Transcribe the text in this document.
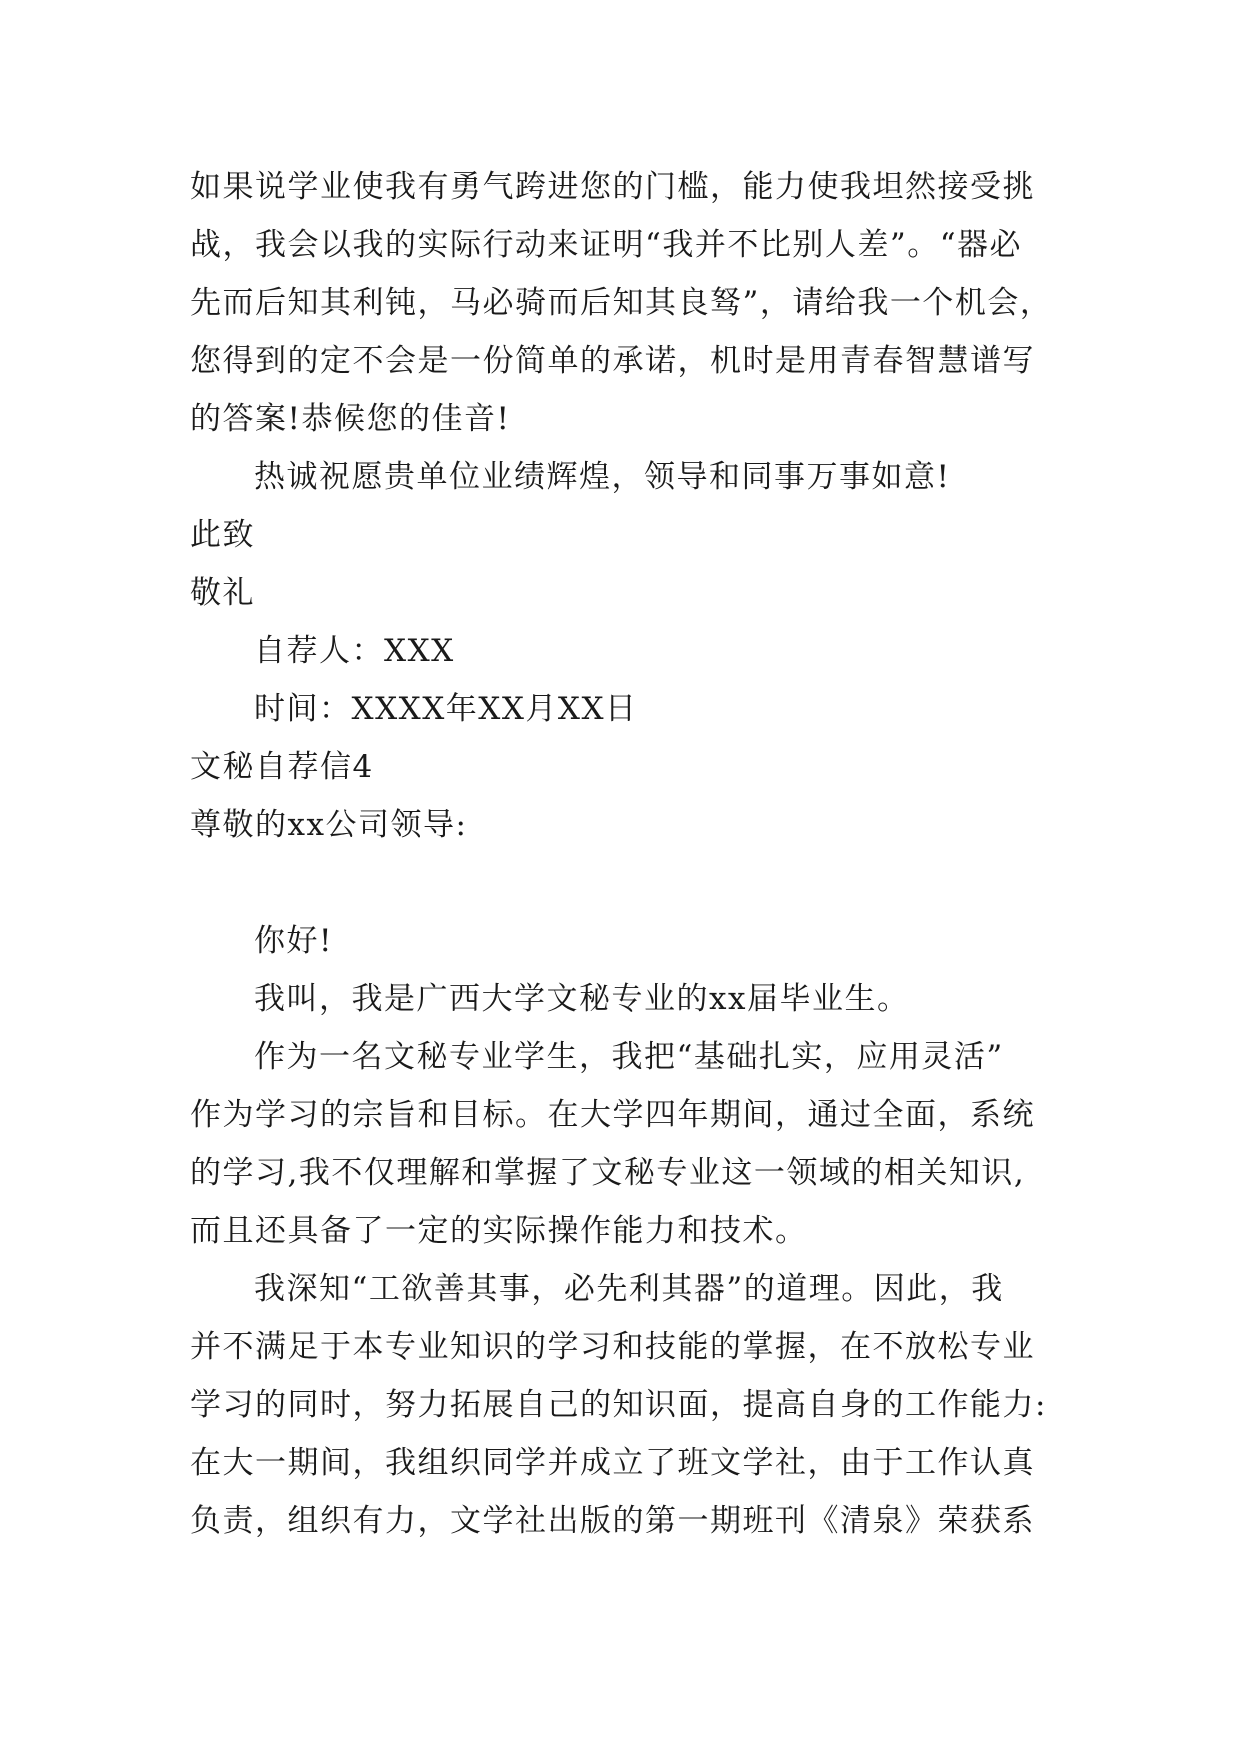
如果说学业使我有勇气跨进您的门槛，能力使我坦然接受挑
战，我会以我的实际行动来证明“我并不比别人差”。“器必
先而后知其利钝，马必骑而后知其良驽”，请给我一个机会，
您得到的定不会是一份简单的承诺，机时是用青春智慧谱写
的答案!恭候您的佳音!
热诚祝愿贵单位业绩辉煌，领导和同事万事如意!
此致
敬礼
自荐人：XXX
时间：XXXX年XX月XX日
文秘自荐信4
尊敬的xx公司领导:
你好!
我叫，我是广西大学文秘专业的xx届毕业生。
作为一名文秘专业学生，我把“基础扎实，应用灵活”
作为学习的宗旨和目标。在大学四年期间，通过全面，系统
的学习,我不仅理解和掌握了文秘专业这一领域的相关知识,
而且还具备了一定的实际操作能力和技术。
我深知“工欲善其事，必先利其器”的道理。因此，我
并不满足于本专业知识的学习和技能的掌握，在不放松专业
学习的同时，努力拓展自己的知识面，提高自身的工作能力:
在大一期间，我组织同学并成立了班文学社，由于工作认真
负责，组织有力，文学社出版的第一期班刊《清泉》荣获系
